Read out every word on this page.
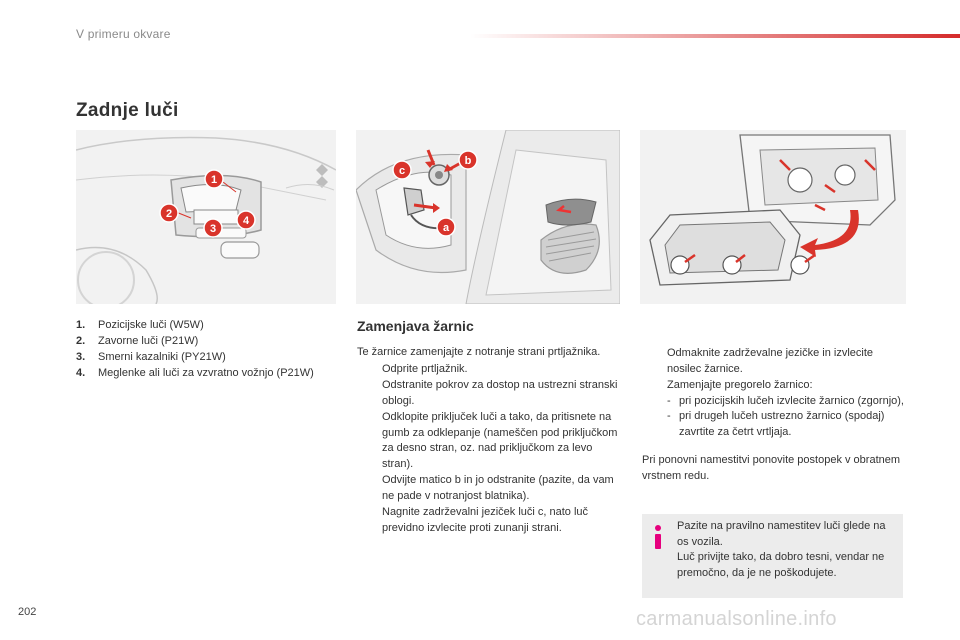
V primeru okvare
Zadnje luči
1
2
3
4
c
b
a
1.	Pozicijske luči (W5W)
2.	Zavorne luči (P21W)
3.	Smerni kazalniki (PY21W)
4.	Meglenke ali luči za vzvratno vožnjo (P21W)
Zamenjava žarnic

Te žarnice zamenjajte z notranje strani prtljažnika.

Odprite prtljažnik.
Odstranite pokrov za dostop na ustrezni stranski oblogi.
Odklopite priključek luči a tako, da pritisnete na gumb za odklepanje (nameščen pod priključkom za desno stran, oz. nad priključkom za levo stran).
Odvijte matico b in jo odstranite (pazite, da vam ne pade v notranjost blatnika).
Nagnite zadrževalni jeziček luči c, nato luč previdno izvlecite proti zunanji strani.
Odmaknite zadrževalne jezičke in izvlecite nosilec žarnice.
Zamenjajte pregorelo žarnico:
- pri pozicijskih lučeh izvlecite žarnico (zgornjo),
- pri drugeh lučeh ustrezno žarnico (spodaj) zavrtite za četrt vrtljaja.

Pri ponovni namestitvi ponovite postopek v obratnem vrstnem redu.

Pazite na pravilno namestitev luči glede na os vozila.
Luč privijte tako, da dobro tesni, vendar ne premočno, da je ne poškodujete.
202	carmanualsonline.info
